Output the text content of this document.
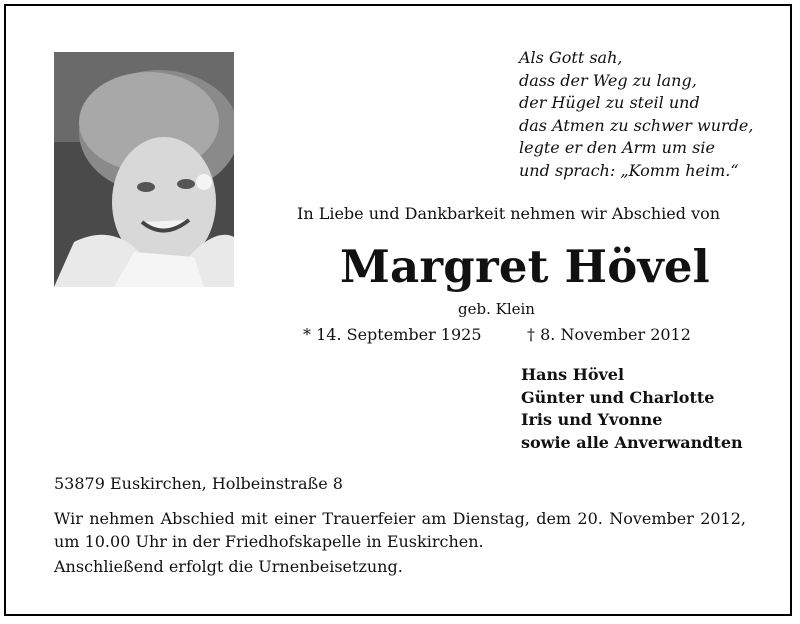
Als Gott sah,
dass der Weg zu lang,
der Hügel zu steil und
das Atmen zu schwer wurde,
legte er den Arm um sie
und sprach: „Komm heim.“
In Liebe und Dankbarkeit nehmen wir Abschied von
Margret Hövel
geb. Klein
* 14. September 1925	† 8. November 2012
Hans Hövel
Günter und Charlotte
Iris und Yvonne
sowie alle Anverwandten
53879 Euskirchen, Holbeinstraße 8
Wir nehmen Abschied mit einer Trauerfeier am Dienstag, dem 20. November 2012, um 10.00 Uhr in der Friedhofskapelle in Euskirchen.
Anschließend erfolgt die Urnenbeisetzung.
